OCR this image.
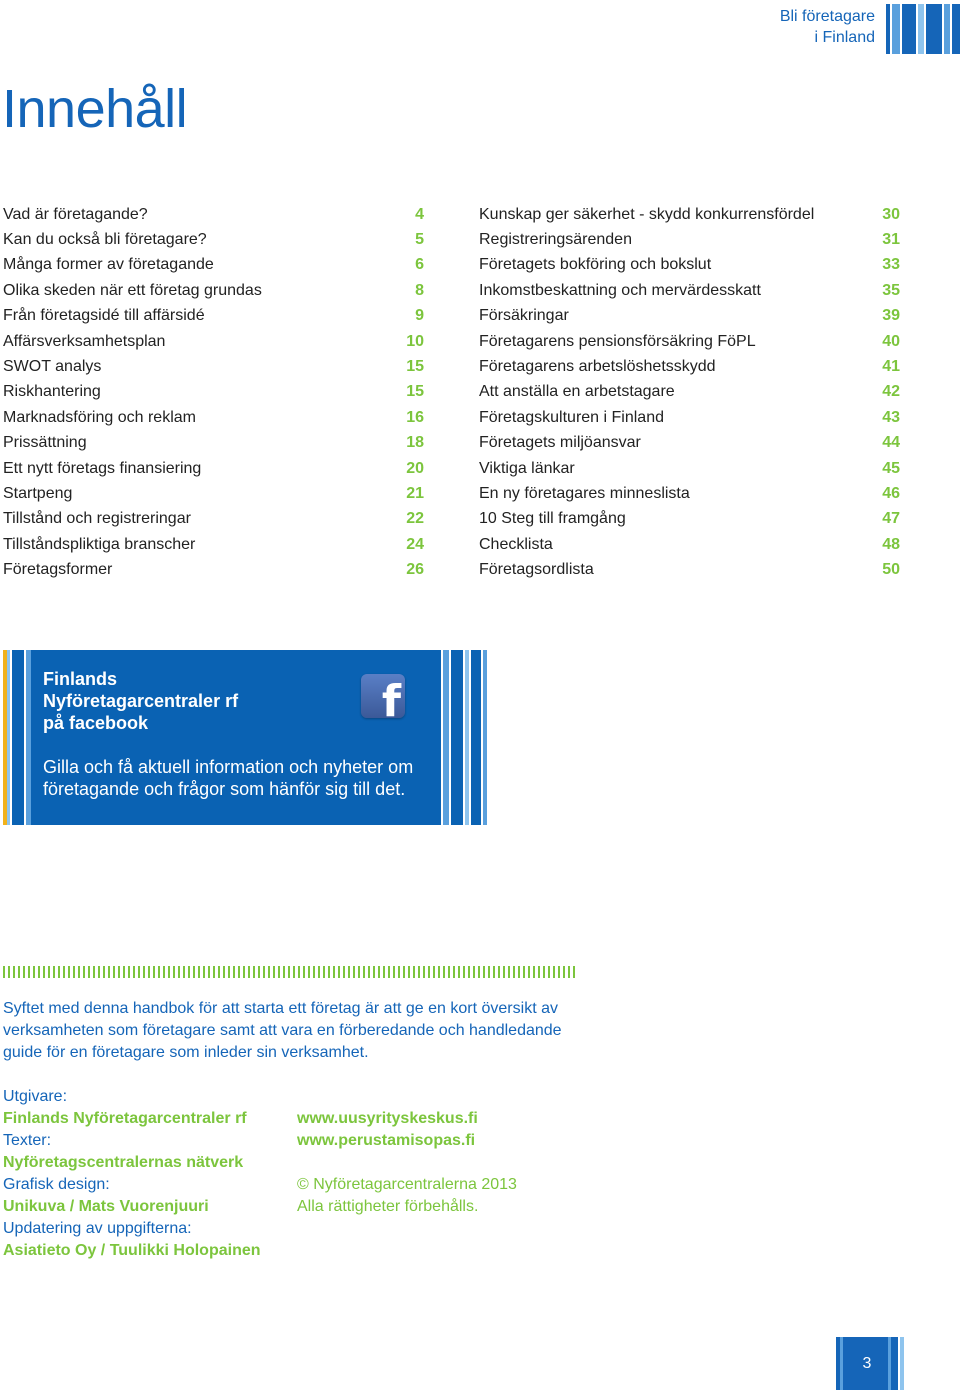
Bli företagare
i Finland
Innehåll
Vad är företagande?	4
Kan du också bli företagare?	5
Många former av företagande	6
Olika skeden när ett företag grundas	8
Från företagsidé till affärsidé	9
Affärsverksamhetsplan	10
SWOT analys	15
Riskhantering	15
Marknadsföring och reklam	16
Prissättning	18
Ett nytt företags finansiering	20
Startpeng	21
Tillstånd och registreringar	22
Tillståndspliktiga branscher	24
Företagsformer	26
Kunskap ger säkerhet - skydd konkurrensfördel	30
Registreringsärenden	31
Företagets bokföring och bokslut	33
Inkomstbeskattning och mervärdesskatt	35
Försäkringar	39
Företagarens pensionsförsäkring FöPL	40
Företagarens arbetslöshetsskydd	41
Att anställa en arbetstagare	42
Företagskulturen i Finland	43
Företagets miljöansvar	44
Viktiga länkar	45
En ny företagares minneslista	46
10 Steg till framgång	47
Checklista	48
Företagsordlista	50
Finlands
Nyföretagarcentraler rf
på facebook	f
Gilla och få aktuell information och nyheter om
företagande och frågor som hänför sig till det.
Syftet med denna handbok för att starta ett företag är att ge en kort översikt av
verksamheten som företagare samt att vara en förberedande och handledande
guide för en företagare som inleder sin verksamhet.
Utgivare:
Finlands Nyföretagarcentraler rf
Texter:
Nyföretagscentralernas nätverk
Grafisk design:
Unikuva / Mats Vuorenjuuri
Updatering av uppgifterna:
Asiatieto Oy / Tuulikki Holopainen
www.uusyrityskeskus.fi
www.perustamisopas.fi
© Nyföretagarcentralerna 2013
Alla rättigheter förbehålls.
3
